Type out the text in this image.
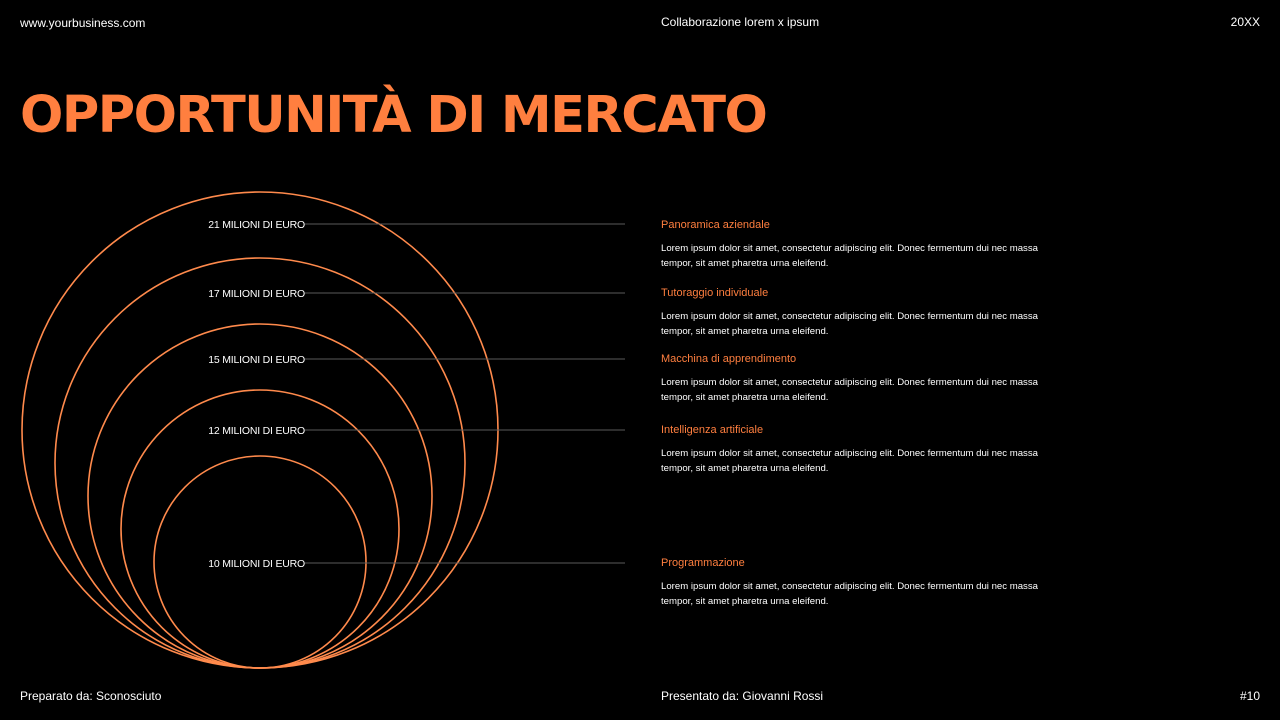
www.yourbusiness.com	Collaborazione lorem x ipsum	20XX
OPPORTUNITÀ DI MERCATO
21 MILIONI DI EURO
17 MILIONI DI EURO
15 MILIONI DI EURO
12 MILIONI DI EURO
10 MILIONI DI EURO

Panoramica aziendale

Lorem ipsum dolor sit amet, consectetur adipiscing elit. Donec fermentum dui nec massa tempor, sit amet pharetra urna eleifend.

Tutoraggio individuale

Lorem ipsum dolor sit amet, consectetur adipiscing elit. Donec fermentum dui nec massa tempor, sit amet pharetra urna eleifend.

Macchina di apprendimento

Lorem ipsum dolor sit amet, consectetur adipiscing elit. Donec fermentum dui nec massa tempor, sit amet pharetra urna eleifend.

Intelligenza artificiale

Lorem ipsum dolor sit amet, consectetur adipiscing elit. Donec fermentum dui nec massa tempor, sit amet pharetra urna eleifend.

Programmazione

Lorem ipsum dolor sit amet, consectetur adipiscing elit. Donec fermentum dui nec massa tempor, sit amet pharetra urna eleifend.

Preparato da: Sconosciuto	Presentato da: Giovanni Rossi	#10
